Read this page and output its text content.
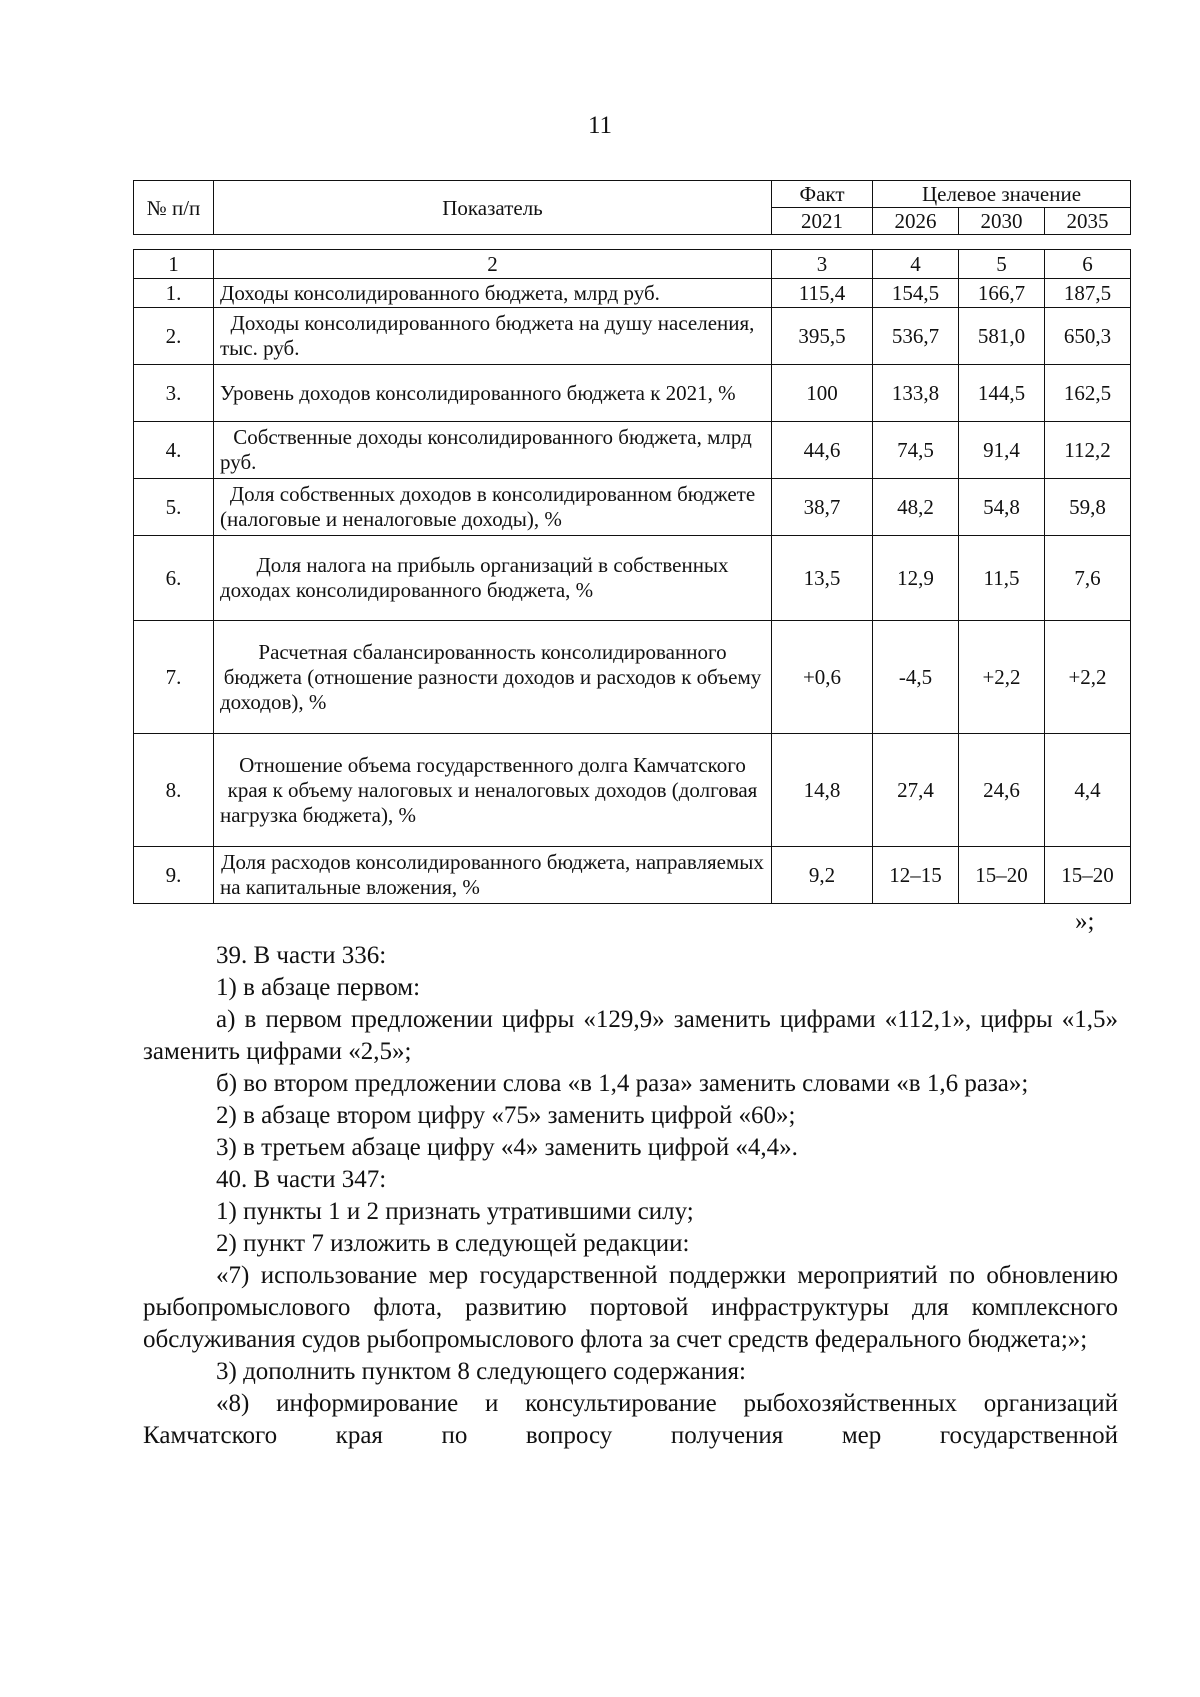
11
№ п/п	Показатель	Факт	Целевое значение		
		2021	2026	2030	2035
1	2	3	4	5	6
1.	Доходы консолидированного бюджета, млрд руб.	115,4	154,5	166,7	187,5
2.	Доходы консолидированного бюджета на душу населения, тыс. руб.	395,5	536,7	581,0	650,3
3.	Уровень доходов консолидированного бюджета к 2021, %	100	133,8	144,5	162,5
4.	Собственные доходы консолидированного бюджета, млрд руб.	44,6	74,5	91,4	112,2
5.	Доля собственных доходов в консолидированном бюджете (налоговые и неналоговые доходы), %	38,7	48,2	54,8	59,8
6.	Доля налога на прибыль организаций в собственных доходах консолидированного бюджета, %	13,5	12,9	11,5	7,6
7.	Расчетная сбалансированность консолидированного бюджета (отношение разности доходов и расходов к объему доходов), %	+0,6	-4,5	+2,2	+2,2
8.	Отношение объема государственного долга Камчатского края к объему налоговых и неналоговых доходов (долговая нагрузка бюджета), %	14,8	27,4	24,6	4,4
9.	Доля расходов консолидированного бюджета, направляемых на капитальные вложения, %	9,2	12–15	15–20	15–20
»;

39. В части 336:

1) в абзаце первом:

а) в первом предложении цифры «129,9» заменить цифрами «112,1», цифры «1,5» заменить цифрами «2,5»;

б) во втором предложении слова «в 1,4 раза» заменить словами «в 1,6 раза»;

2) в абзаце втором цифру «75» заменить цифрой «60»;

3) в третьем абзаце цифру «4» заменить цифрой «4,4».

40. В части 347:

1) пункты 1 и 2 признать утратившими силу;

2) пункт 7 изложить в следующей редакции:

«7) использование мер государственной поддержки мероприятий по обновлению рыбопромыслового флота, развитию портовой инфраструктуры для комплексного обслуживания судов рыбопромыслового флота за счет средств федерального бюджета;»;

3) дополнить пунктом 8 следующего содержания:

«8) информирование и консультирование рыбохозяйственных организаций Камчатского края по вопросу получения мер государственной
